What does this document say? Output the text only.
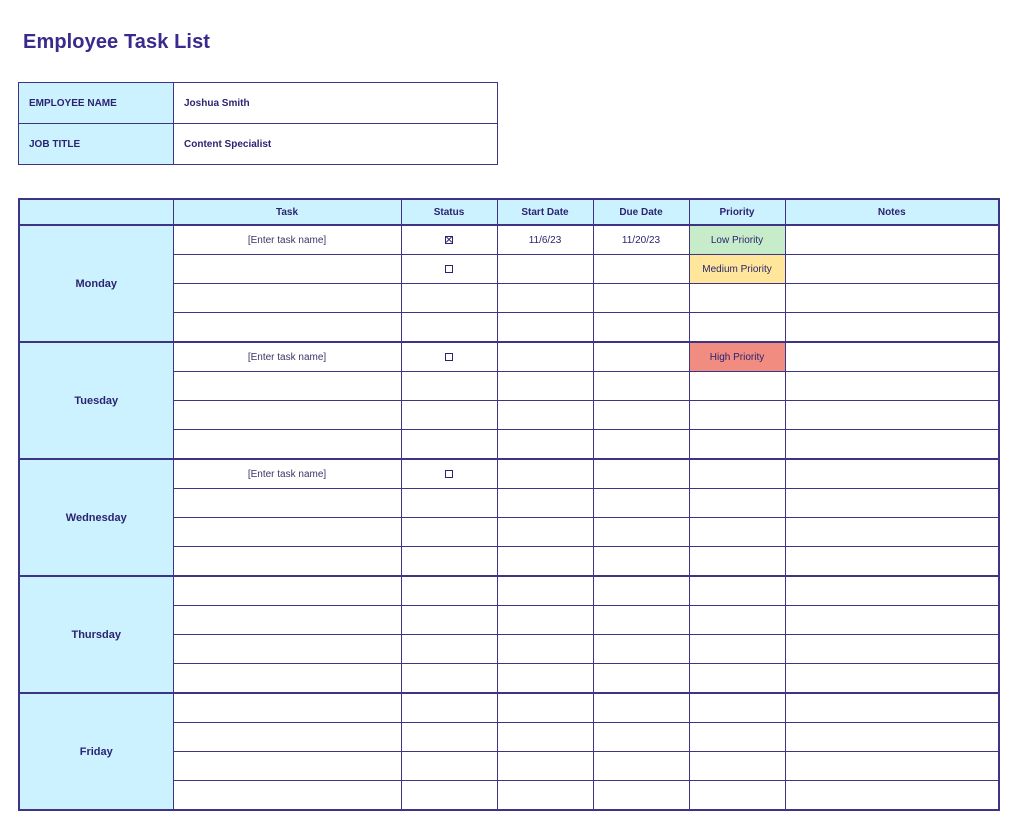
Employee Task List
EMPLOYEE NAME	Joshua Smith
JOB TITLE	Content Specialist
	Task	Status	Start Date	Due Date	Priority	Notes
Monday	[Enter task name]		11/6/23	11/20/23	Low Priority	
					Medium Priority	

Tuesday	[Enter task name]				High Priority	

Wednesday	[Enter task name]					

Thursday						

Friday						
